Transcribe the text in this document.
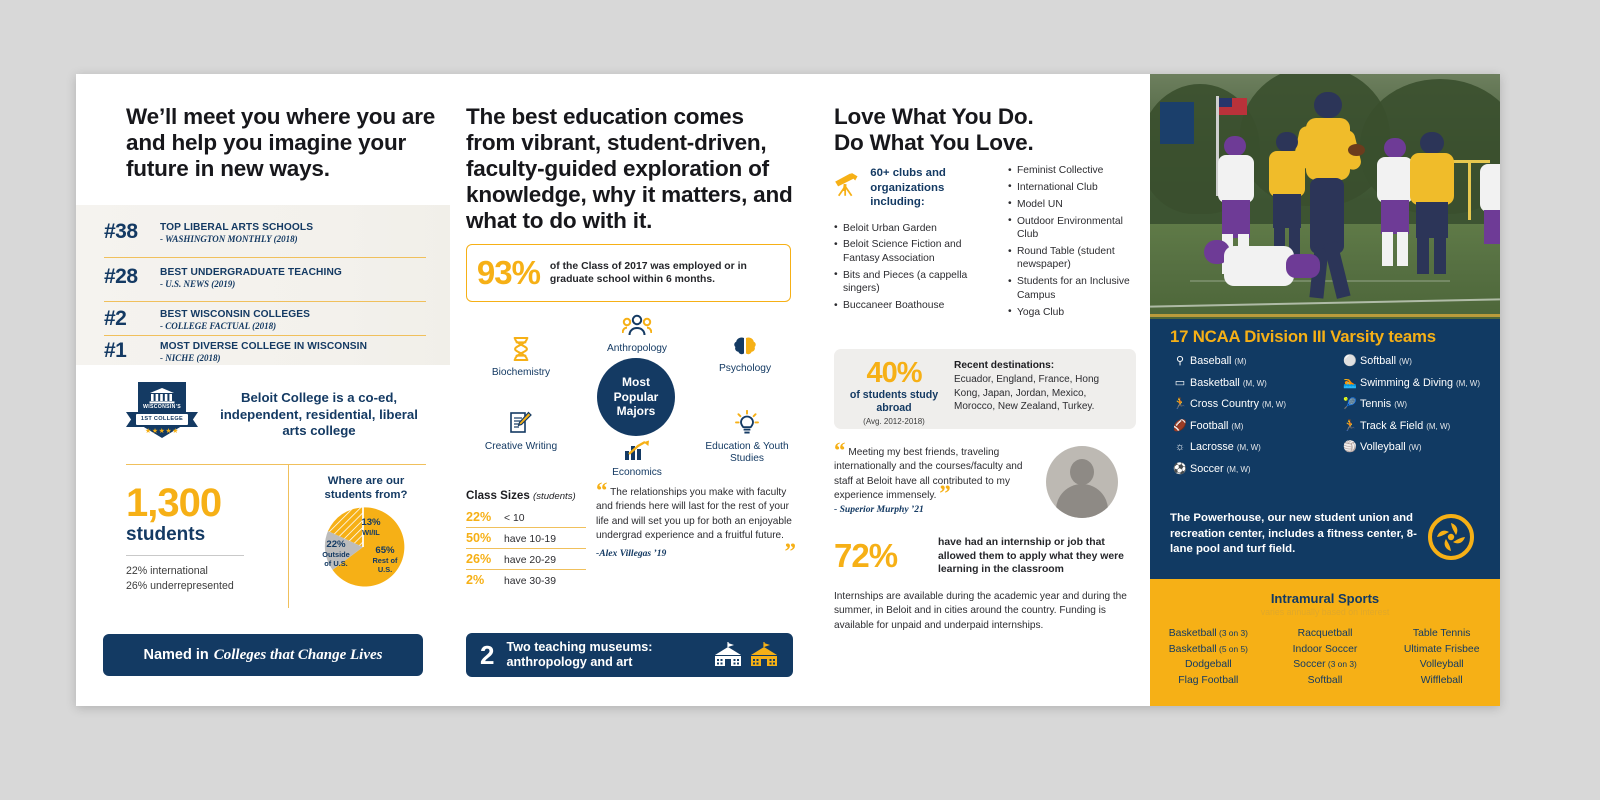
We’ll meet you where you are and help you imagine your future in new ways.
#38	TOP LIBERAL ARTS SCHOOLS
- WASHINGTON MONTHLY (2018)
#28	BEST UNDERGRADUATE TEACHING
- U.S. NEWS (2019)
#2	BEST WISCONSIN COLLEGES
- COLLEGE FACTUAL (2018)
#1	MOST DIVERSE COLLEGE IN WISCONSIN
- NICHE (2018)
WISCONSIN'S
1ST COLLEGE
★★★★★
Beloit College is a co-ed, independent, residential, liberal arts college
1,300
students
22% international
26% underrepresented
Where are our students from?
13%
WI/IL
22%
Outside
of U.S.
65%
Rest of
U.S.
Named in Colleges that Change Lives
The best education comes from vibrant, student-driven, faculty-guided exploration of knowledge, why it matters, and what to do with it.
93% of the Class of 2017 was employed or in graduate school within 6 months.
Most
Popular
Majors
Anthropology
Psychology
Education & Youth Studies
Economics
Creative Writing
Biochemistry
Class Sizes (students)
22%	< 10
50%	have 10-19
26%	have 20-29
2%	have 30-39
“ The relationships you make with faculty and friends here will last for the rest of your life and will set you up for both an enjoyable undergrad experience and a fruitful future.
-Alex Villegas ’19	”
2 Two teaching museums: anthropology and art
Love What You Do.
Do What You Love.
60+ clubs and organizations including:
• Beloit Urban Garden
• Beloit Science Fiction and Fantasy Association
• Bits and Pieces (a cappella singers)
• Buccaneer Boathouse
• Feminist Collective
• International Club
• Model UN
• Outdoor Environmental Club
• Round Table (student newspaper)
• Students for an Inclusive Campus
• Yoga Club
40%
of students study abroad
(Avg. 2012-2018)
Recent destinations:
Ecuador, England, France, Hong Kong, Japan, Jordan, Mexico, Morocco, New Zealand, Turkey.
“ Meeting my best friends, traveling internationally and the courses/faculty and staff at Beloit have all contributed to my experience immensely. ”
- Superior Murphy ’21
72%	have had an internship or job that allowed them to apply what they were learning in the classroom
Internships are available during the academic year and during the summer, in Beloit and in cities around the country. Funding is available for unpaid and underpaid internships.
17 NCAA Division III Varsity teams
⚲ Baseball (M)
▭ Basketball (M, W)
🏃 Cross Country (M, W)
🏈 Football (M)
☼ Lacrosse (M, W)
⚽ Soccer (M, W)
⚪ Softball (W)
🏊 Swimming & Diving (M, W)
🎾 Tennis (W)
🏃 Track & Field (M, W)
🏐 Volleyball (W)
The Powerhouse, our new student union and recreation center, includes a fitness center, 8-lane pool and turf field.
Intramural Sports
varies annually based on interest
Basketball (3 on 3)
Basketball (5 on 5)
Dodgeball
Flag Football
Racquetball
Indoor Soccer
Soccer (3 on 3)
Softball
Table Tennis
Ultimate Frisbee
Volleyball
Wiffleball
